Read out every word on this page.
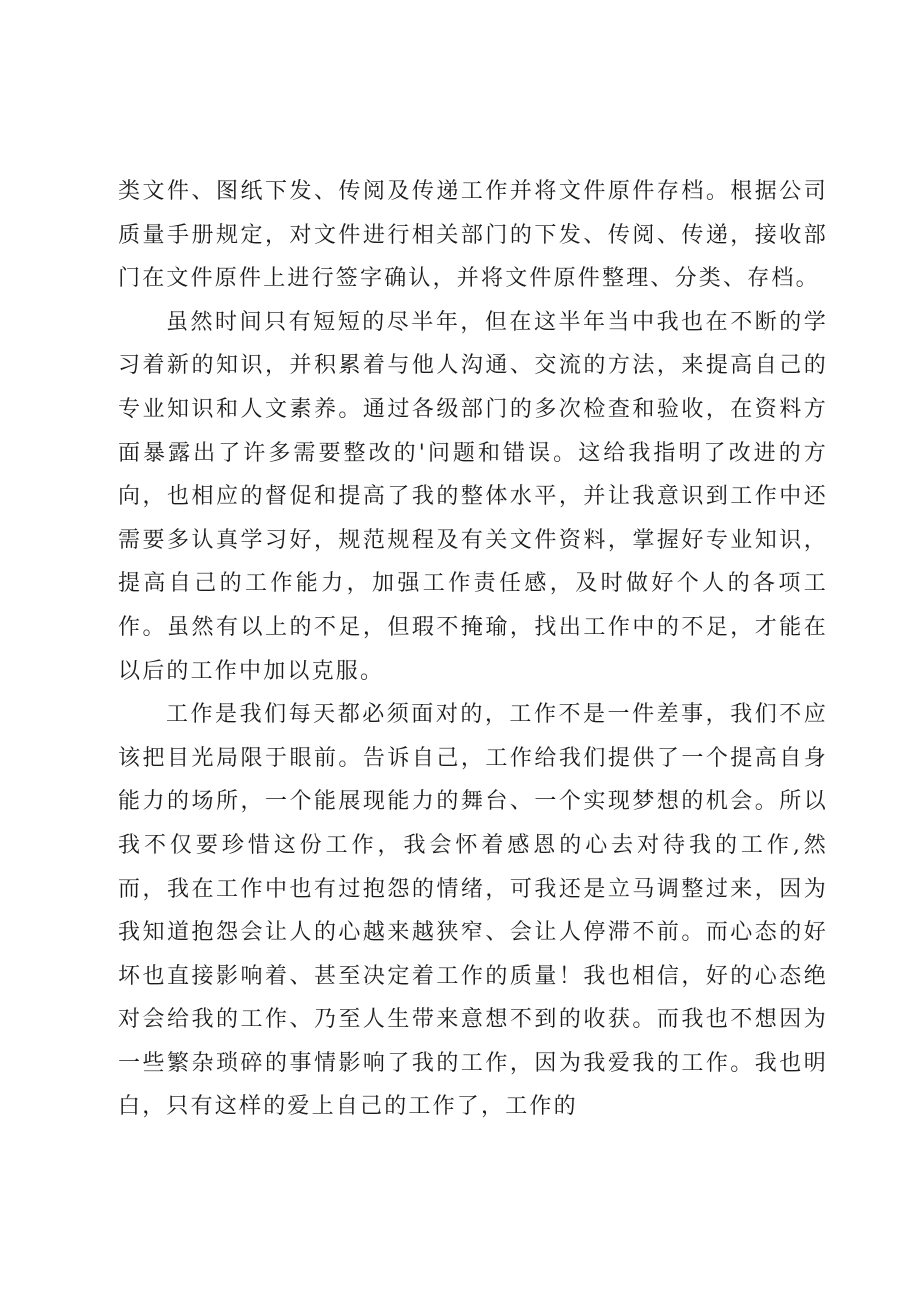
类文件、图纸下发、传阅及传递工作并将文件原件存档。根据公司质量手册规定，对文件进行相关部门的下发、传阅、传递，接收部门在文件原件上进行签字确认，并将文件原件整理、分类、存档。

虽然时间只有短短的尽半年，但在这半年当中我也在不断的学习着新的知识，并积累着与他人沟通、交流的方法，来提高自己的专业知识和人文素养。通过各级部门的多次检查和验收，在资料方面暴露出了许多需要整改的'问题和错误。这给我指明了改进的方向，也相应的督促和提高了我的整体水平，并让我意识到工作中还需要多认真学习好，规范规程及有关文件资料，掌握好专业知识，提高自己的工作能力，加强工作责任感，及时做好个人的各项工作。虽然有以上的不足，但瑕不掩瑜，找出工作中的不足，才能在以后的工作中加以克服。

工作是我们每天都必须面对的，工作不是一件差事，我们不应该把目光局限于眼前。告诉自己，工作给我们提供了一个提高自身能力的场所，一个能展现能力的舞台、一个实现梦想的机会。所以我不仅要珍惜这份工作，我会怀着感恩的心去对待我的工作,然而，我在工作中也有过抱怨的情绪，可我还是立马调整过来，因为我知道抱怨会让人的心越来越狭窄、会让人停滞不前。而心态的好坏也直接影响着、甚至决定着工作的质量！我也相信，好的心态绝对会给我的工作、乃至人生带来意想不到的收获。而我也不想因为一些繁杂琐碎的事情影响了我的工作，因为我爱我的工作。我也明白，只有这样的爱上自己的工作了，工作的
